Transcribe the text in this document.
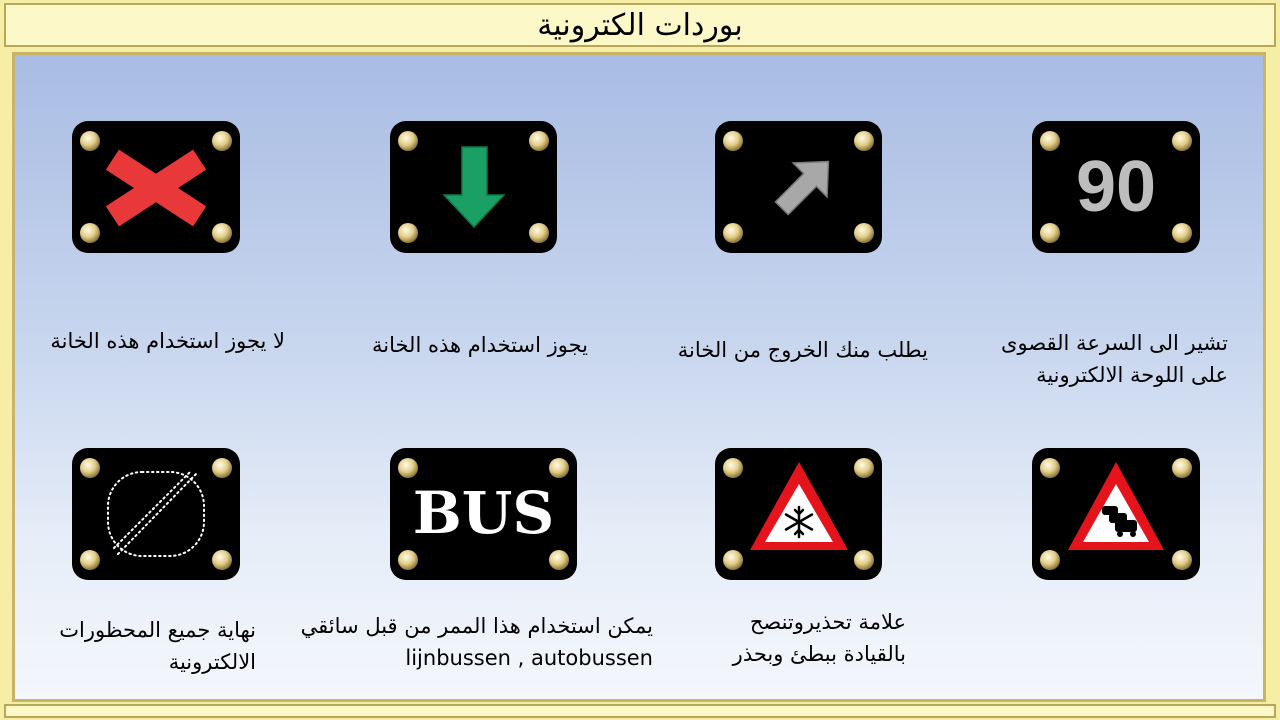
بوردات الكترونية
90
تشير الى السرعة القصوى
على اللوحة الالكترونية
يطلب منك الخروج من الخانة
يجوز استخدام هذه الخانة
لا يجوز استخدام هذه الخانة
علامة تحذيروتنصح
بالقيادة ببطئ وبحذر
BUS
يمكن استخدام هذا الممر من قبل سائقي
lijnbussen , autobussen
نهاية جميع المحظورات
الالكترونية
